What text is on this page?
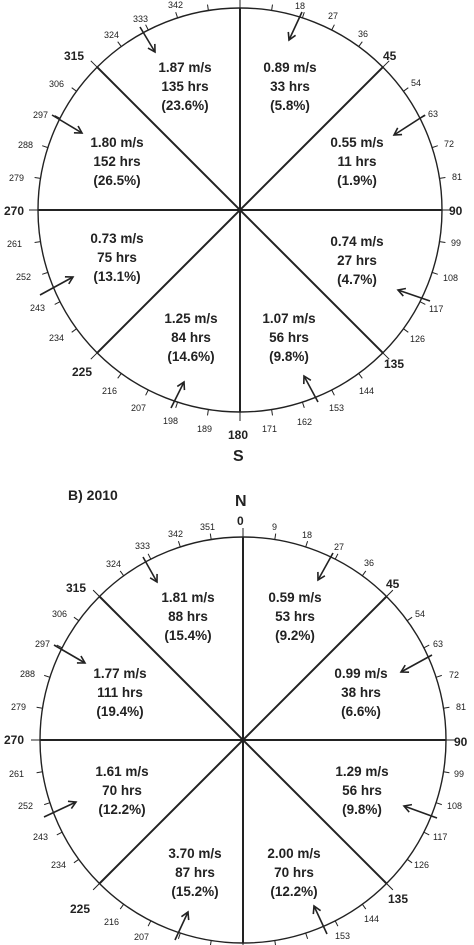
315	45
270	90
225
135
180
S
342
333
324
306
297
288
279
18
27
36
54
63
72
81
261
252
243
234
216
207
198
189	171
162
153
144
126
117
108
99
1.87 m/s
135 hrs
(23.6%)
0.89 m/s
33 hrs
(5.8%)
1.80 m/s
152 hrs
(26.5%)
0.55 m/s
11 hrs
(1.9%)
0.73 m/s
75 hrs
(13.1%)
0.74 m/s
27 hrs
(4.7%)
1.25 m/s
84 hrs
(14.6%)
1.07 m/s
56 hrs
(9.8%)
B) 2010	N
0
315	45
270	90
225
135
351
342
333
324
306
297
288
279
9
18
27
36
54
63
72
81
261
252
243
234
216
207
99
108
117
126
144
153
1.81 m/s
88 hrs
(15.4%)
0.59 m/s
53 hrs
(9.2%)
1.77 m/s
111 hrs
(19.4%)
0.99 m/s
38 hrs
(6.6%)
1.61 m/s
70 hrs
(12.2%)
1.29 m/s
56 hrs
(9.8%)
3.70 m/s
87 hrs
(15.2%)
2.00 m/s
70 hrs
(12.2%)
